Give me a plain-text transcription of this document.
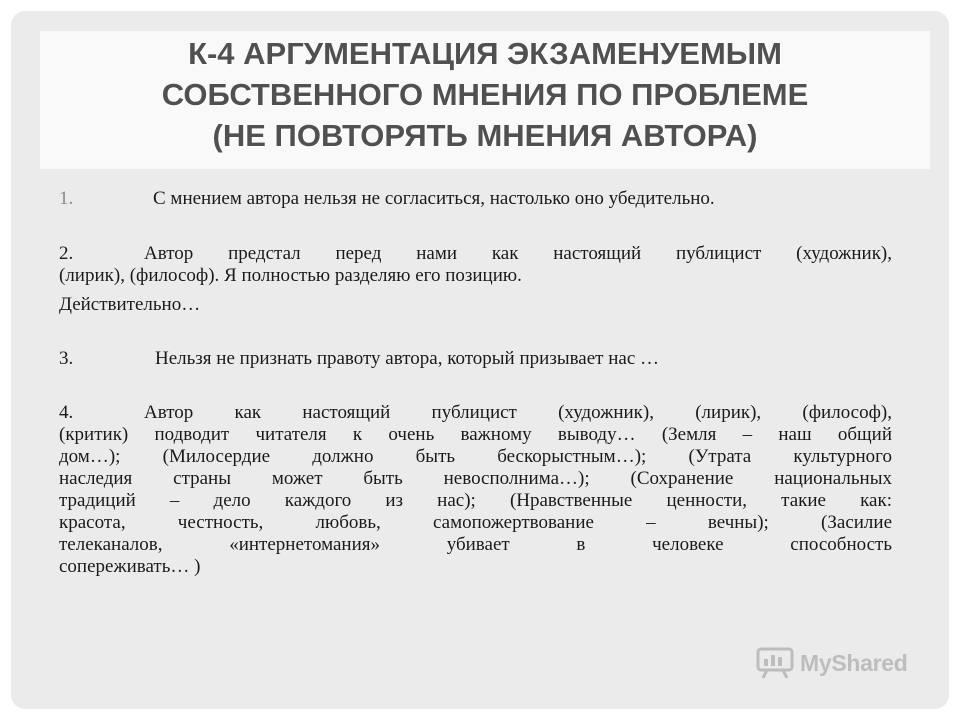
К-4 АРГУМЕНТАЦИЯ ЭКЗАМЕНУЕМЫМ
СОБСТВЕННОГО МНЕНИЯ ПО ПРОБЛЕМЕ
(НЕ ПОВТОРЯТЬ МНЕНИЯ АВТОРА)
1.	С мнением автора нельзя не согласиться, настолько оно убедительно.

2.	Автор предстал перед нами как настоящий публицист (художник),

(лирик), (философ). Я полностью разделяю его позицию.

Действительно…

3.	Нельзя не признать правоту автора, который призывает нас …

4.	Автор как настоящий публицист (художник), (лирик), (философ),

(критик) подводит читателя к очень важному выводу… (Земля – наш общий

дом…); (Милосердие должно быть бескорыстным…); (Утрата культурного

наследия страны может быть невосполнима…); (Сохранение национальных

традиций – дело каждого из нас); (Нравственные ценности, такие как:

красота, честность, любовь, самопожертвование – вечны); (Засилие

телеканалов, «интернетомания» убивает в человеке способность

сопереживать… )

MyShared
